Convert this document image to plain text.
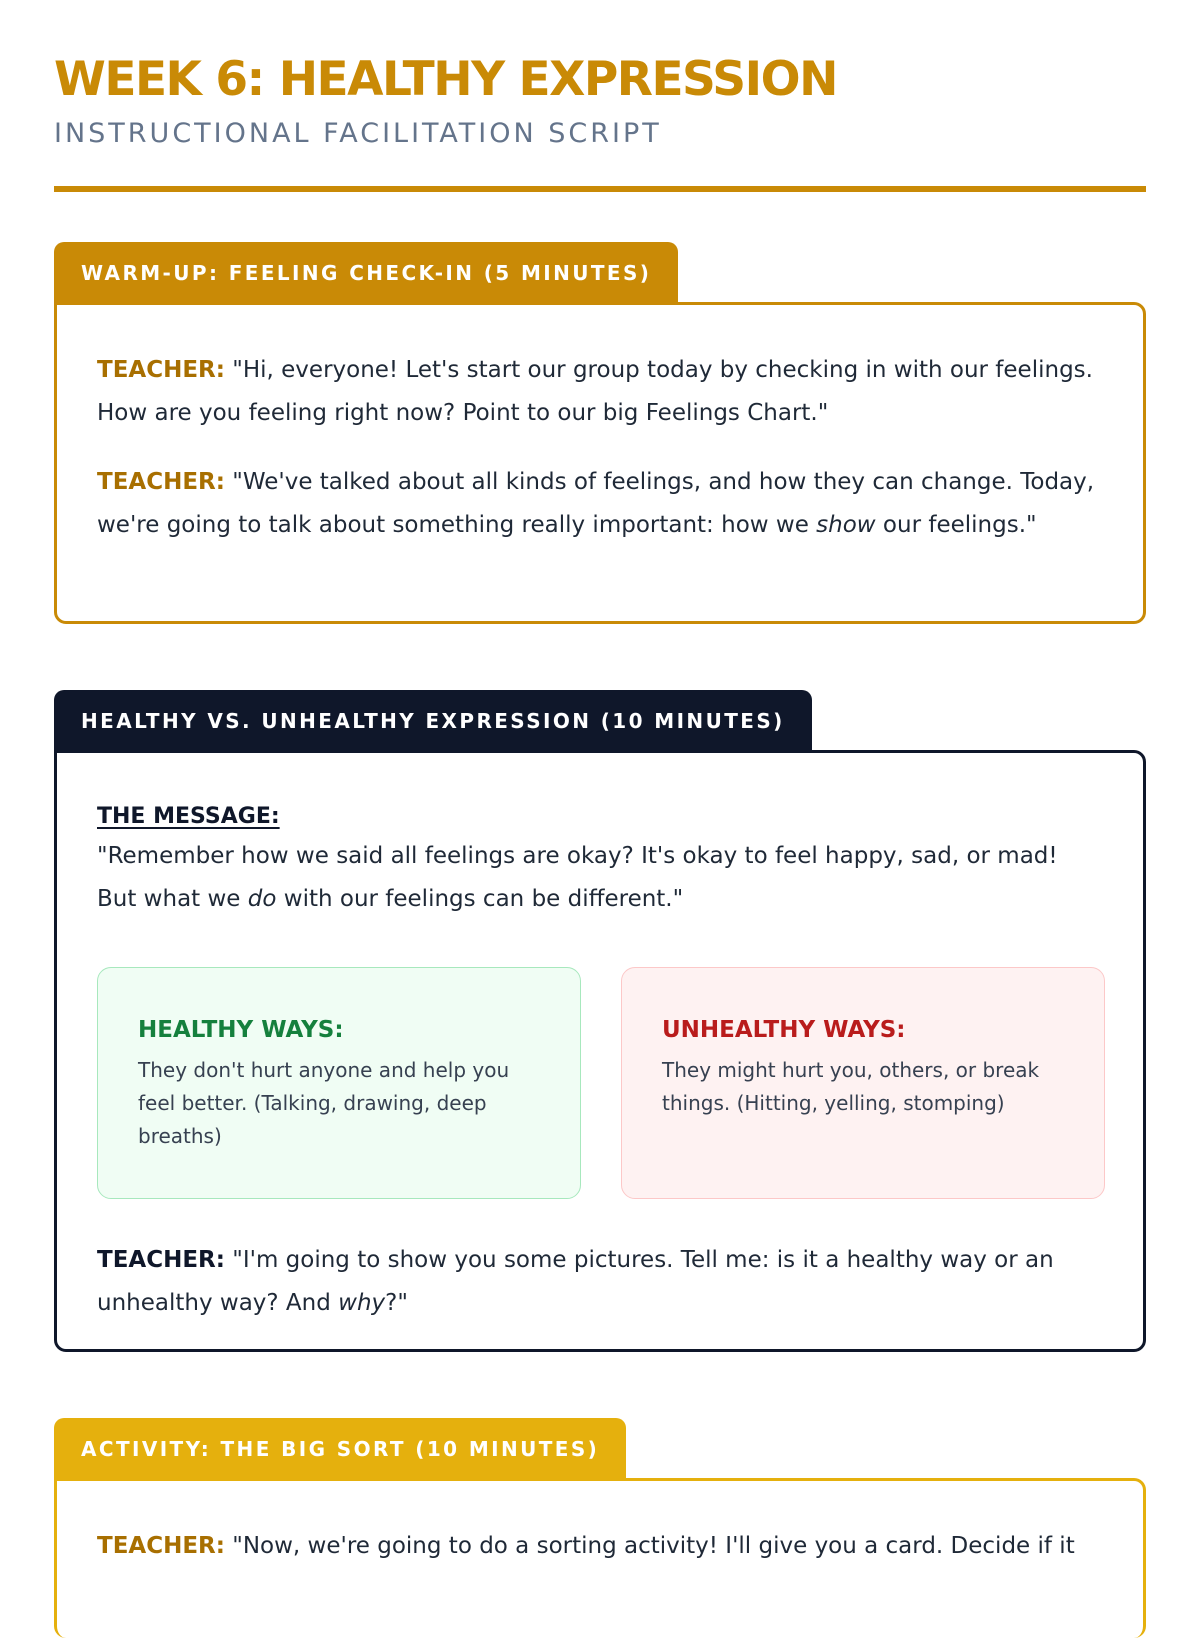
WEEK 6: HEALTHY EXPRESSION
INSTRUCTIONAL FACILITATION SCRIPT
WARM-UP: FEELING CHECK-IN (5 MINUTES)

TEACHER: "Hi, everyone! Let's start our group today by checking in with our feelings. How are you feeling right now? Point to our big Feelings Chart."

TEACHER: "We've talked about all kinds of feelings, and how they can change. Today, we're going to talk about something really important: how we show our feelings."

HEALTHY VS. UNHEALTHY EXPRESSION (10 MINUTES)
THE MESSAGE:

"Remember how we said all feelings are okay? It's okay to feel happy, sad, or mad! But what we do with our feelings can be different."

HEALTHY WAYS:
They don't hurt anyone and help you feel better. (Talking, drawing, deep breaths)
UNHEALTHY WAYS:
They might hurt you, others, or break things. (Hitting, yelling, stomping)

TEACHER: "I'm going to show you some pictures. Tell me: is it a healthy way or an unhealthy way? And why?"

ACTIVITY: THE BIG SORT (10 MINUTES)

TEACHER: "Now, we're going to do a sorting activity! I'll give you a card. Decide if it
